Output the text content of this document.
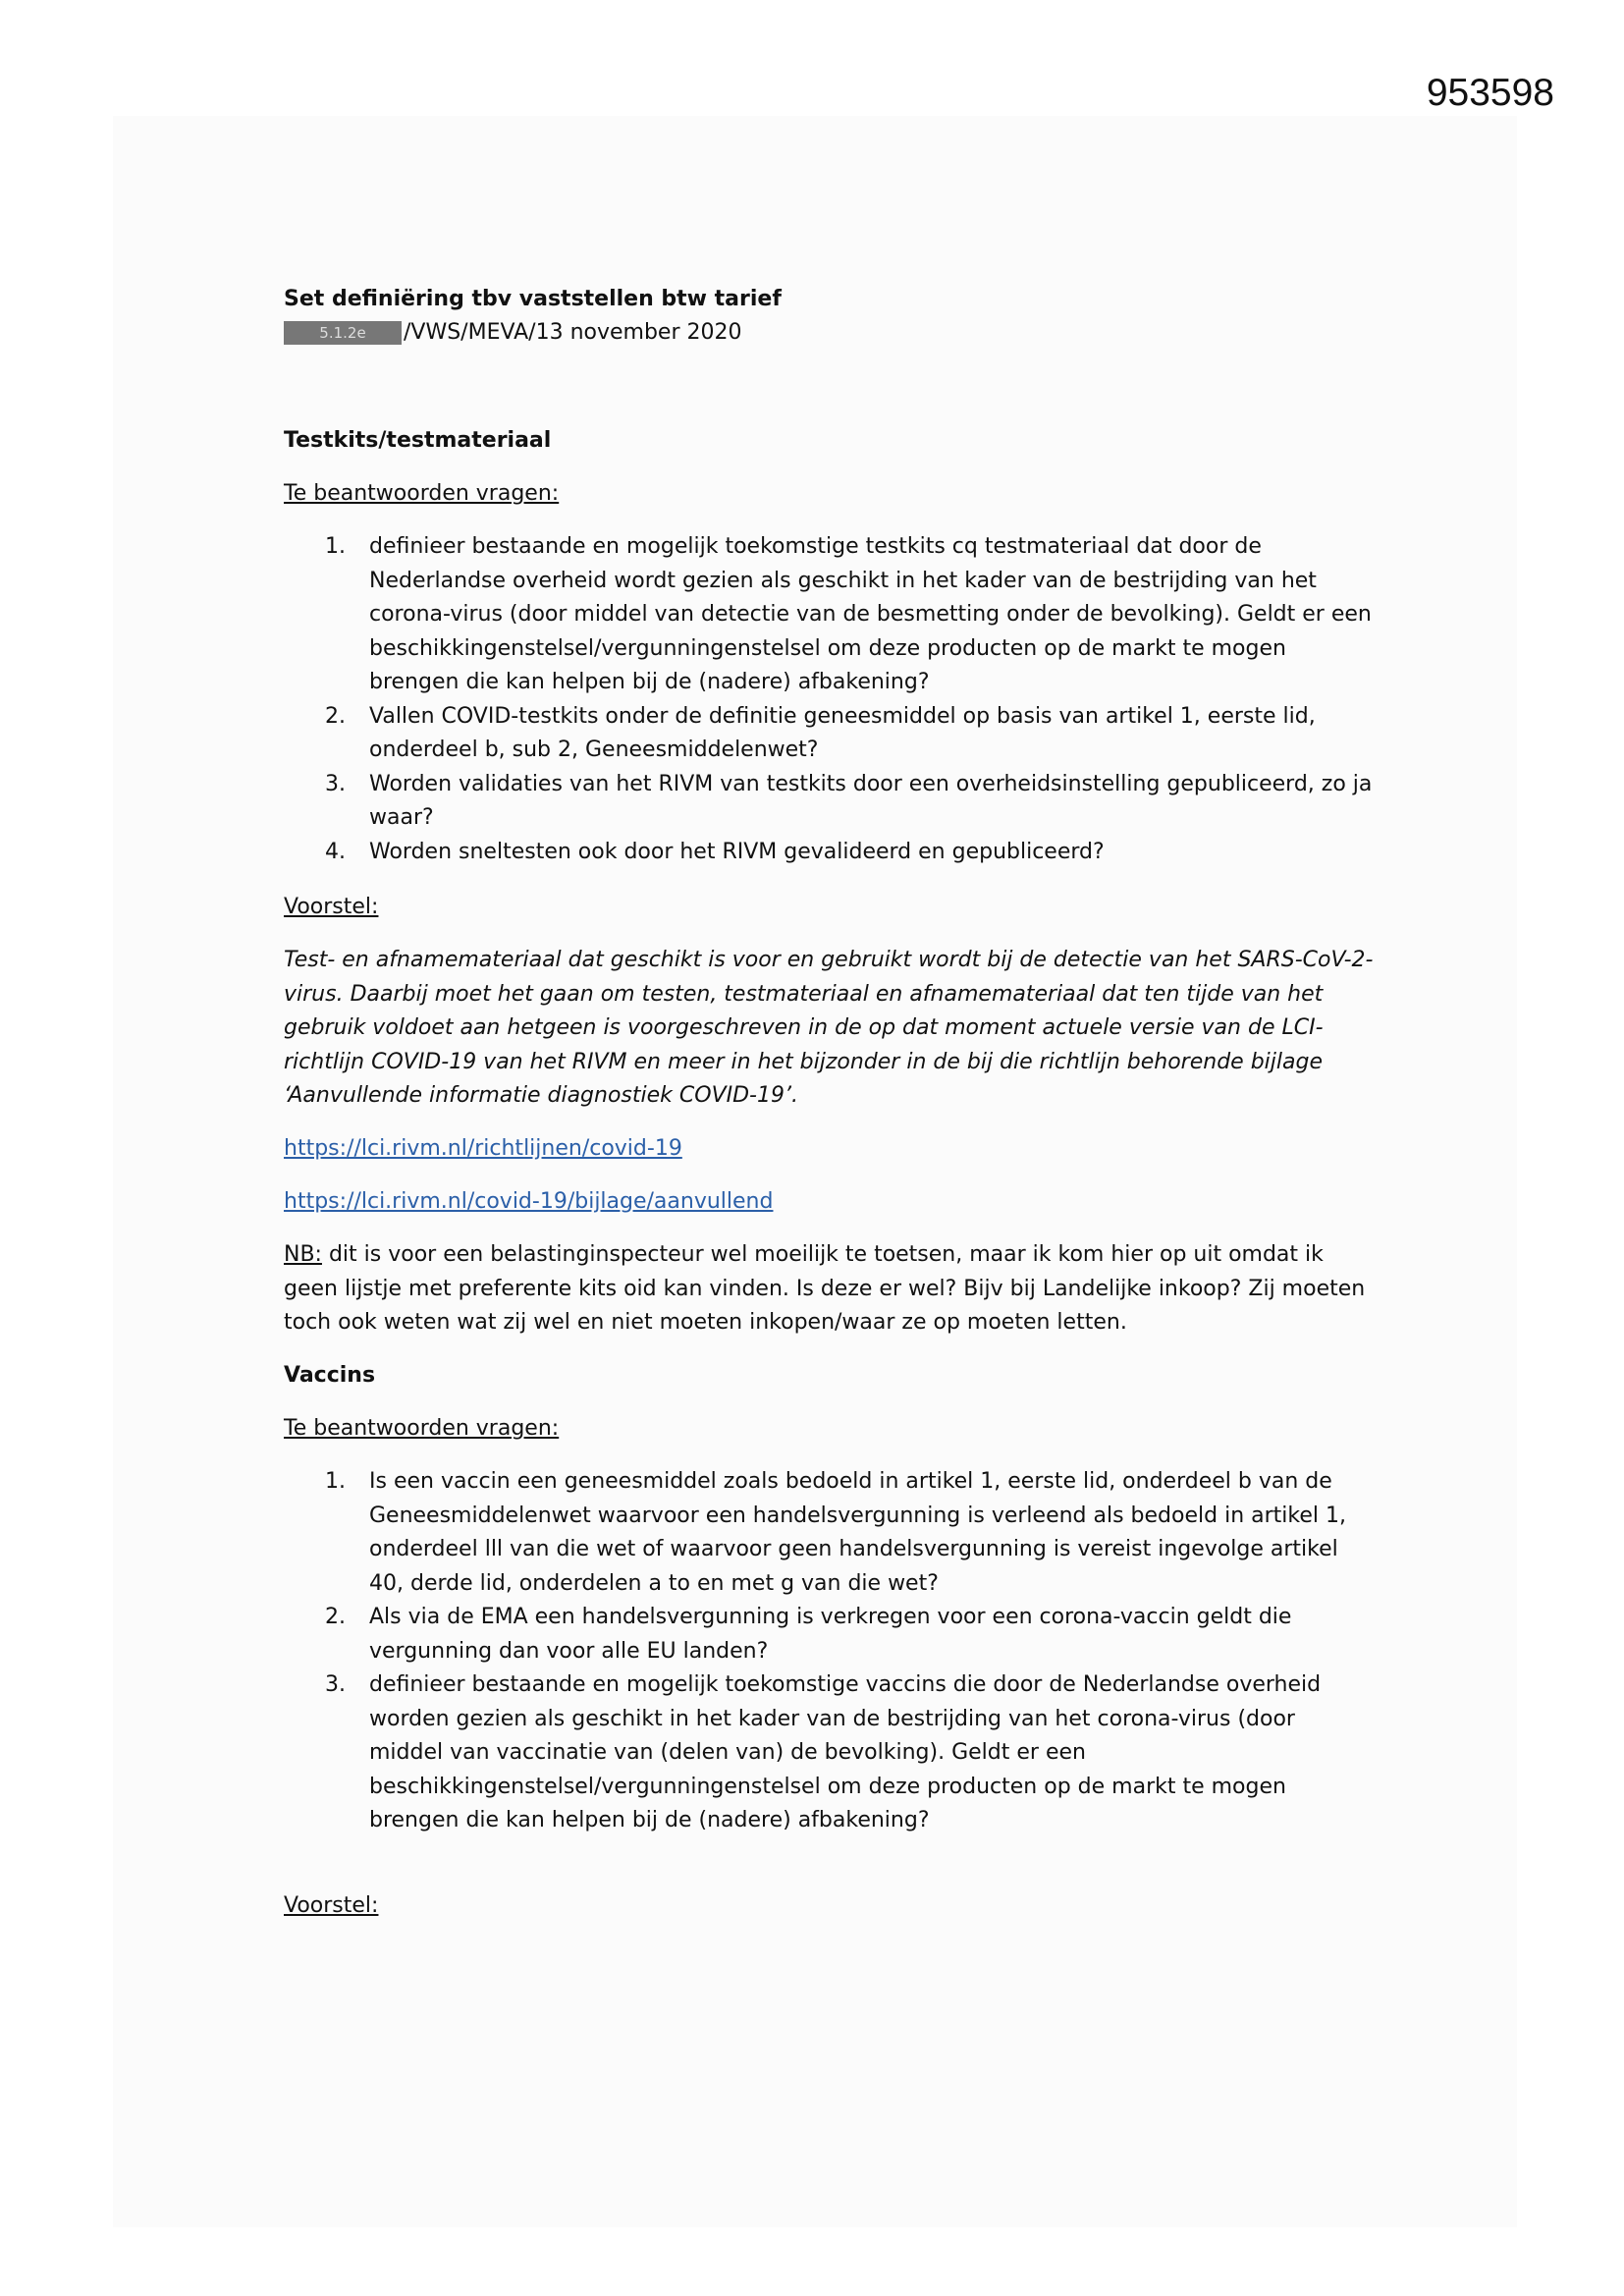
953598
Set definiëring tbv vaststellen btw tarief
5.1.2e /VWS/MEVA/13 november 2020
Testkits/testmateriaal
Te beantwoorden vragen:
1. definieer bestaande en mogelijk toekomstige testkits cq testmateriaal dat door de Nederlandse overheid wordt gezien als geschikt in het kader van de bestrijding van het corona-virus (door middel van detectie van de besmetting onder de bevolking). Geldt er een beschikkingenstelsel/vergunningenstelsel om deze producten op de markt te mogen brengen die kan helpen bij de (nadere) afbakening?
2. Vallen COVID-testkits onder de definitie geneesmiddel op basis van artikel 1, eerste lid, onderdeel b, sub 2, Geneesmiddelenwet?
3. Worden validaties van het RIVM van testkits door een overheidsinstelling gepubliceerd, zo ja waar?
4. Worden sneltesten ook door het RIVM gevalideerd en gepubliceerd?
Voorstel:
Test- en afnamemateriaal dat geschikt is voor en gebruikt wordt bij de detectie van het SARS-CoV-2-virus. Daarbij moet het gaan om testen, testmateriaal en afnamemateriaal dat ten tijde van het gebruik voldoet aan hetgeen is voorgeschreven in de op dat moment actuele versie van de LCI-richtlijn COVID-19 van het RIVM en meer in het bijzonder in de bij die richtlijn behorende bijlage ‘Aanvullende informatie diagnostiek COVID-19’.
https://lci.rivm.nl/richtlijnen/covid-19
https://lci.rivm.nl/covid-19/bijlage/aanvullend
NB: dit is voor een belastinginspecteur wel moeilijk te toetsen, maar ik kom hier op uit omdat ik geen lijstje met preferente kits oid kan vinden. Is deze er wel? Bijv bij Landelijke inkoop? Zij moeten toch ook weten wat zij wel en niet moeten inkopen/waar ze op moeten letten.
Vaccins
Te beantwoorden vragen:
1. Is een vaccin een geneesmiddel zoals bedoeld in artikel 1, eerste lid, onderdeel b van de Geneesmiddelenwet waarvoor een handelsvergunning is verleend als bedoeld in artikel 1, onderdeel lll van die wet of waarvoor geen handelsvergunning is vereist ingevolge artikel 40, derde lid, onderdelen a to en met g van die wet?
2. Als via de EMA een handelsvergunning is verkregen voor een corona-vaccin geldt die vergunning dan voor alle EU landen?
3. definieer bestaande en mogelijk toekomstige vaccins die door de Nederlandse overheid worden gezien als geschikt in het kader van de bestrijding van het corona-virus (door middel van vaccinatie van (delen van) de bevolking). Geldt er een beschikkingenstelsel/vergunningenstelsel om deze producten op de markt te mogen brengen die kan helpen bij de (nadere) afbakening?
Voorstel:
